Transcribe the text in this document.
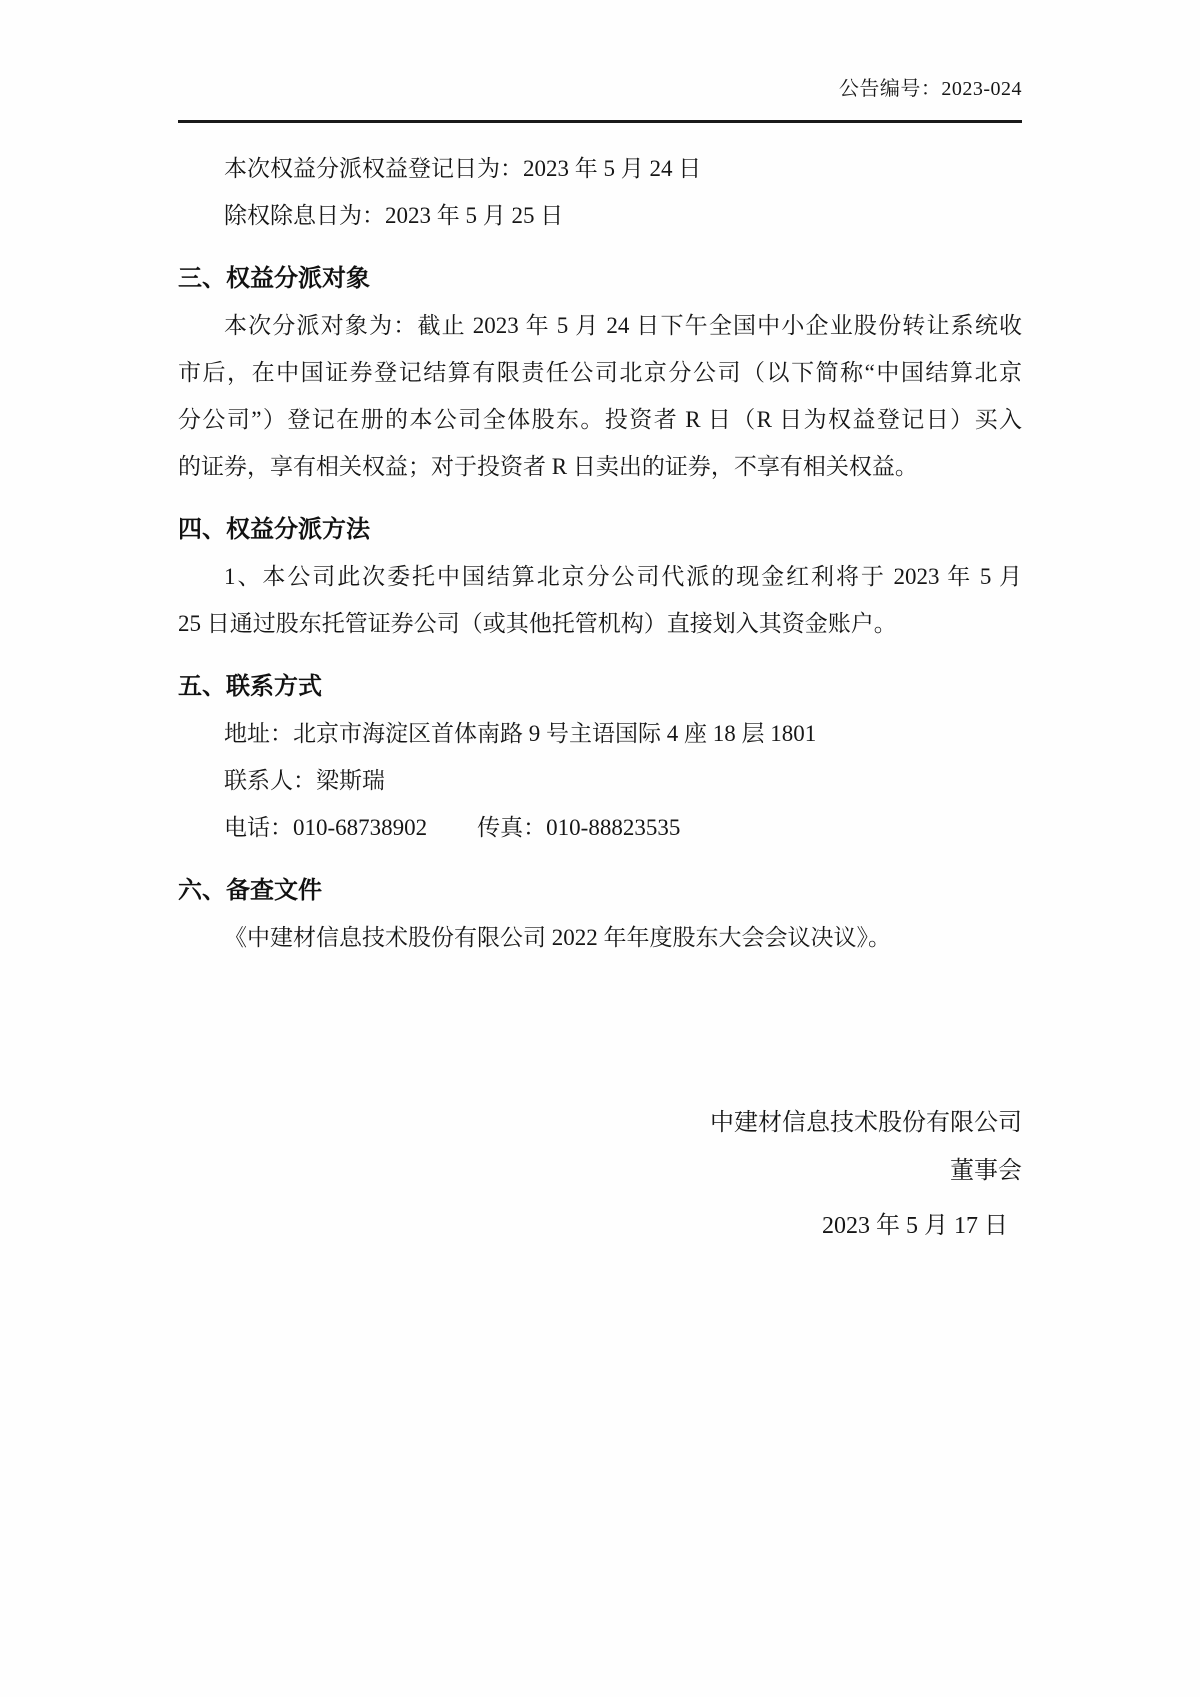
公告编号：2023-024
本次权益分派权益登记日为：2023 年 5 月 24 日
除权除息日为：2023 年 5 月 25 日
三、权益分派对象
本次分派对象为：截止 2023 年 5 月 24 日下午全国中小企业股份转让系统收
市后，在中国证券登记结算有限责任公司北京分公司（以下简称“中国结算北京
分公司”）登记在册的本公司全体股东。投资者 R 日（R 日为权益登记日）买入
的证券，享有相关权益；对于投资者 R 日卖出的证券，不享有相关权益。
四、权益分派方法
1、本公司此次委托中国结算北京分公司代派的现金红利将于 2023 年 5 月
25 日通过股东托管证券公司（或其他托管机构）直接划入其资金账户。
五、联系方式
地址：北京市海淀区首体南路 9 号主语国际 4 座 18 层 1801
联系人：梁斯瑞
电话：010-68738902 传真：010-88823535
六、备查文件
《中建材信息技术股份有限公司 2022 年年度股东大会会议决议》。
中建材信息技术股份有限公司
董事会
2023 年 5 月 17 日
